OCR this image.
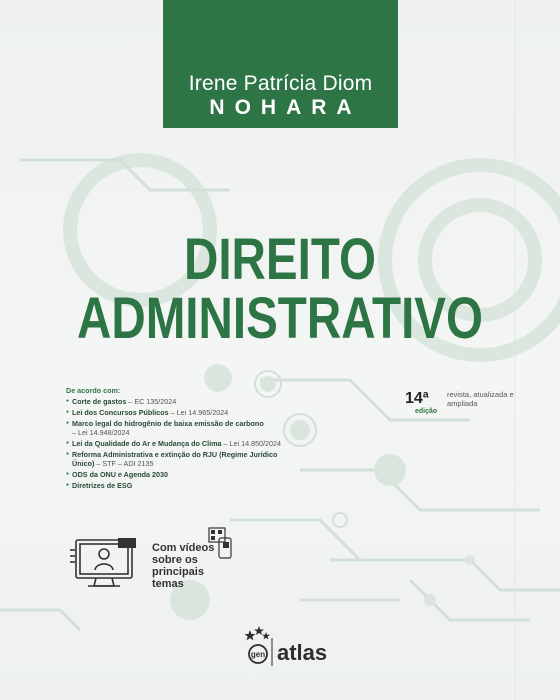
Irene Patrícia Diom
NOHARA
DIREITO
ADMINISTRATIVO
De acordo com:
● Corte de gastos – EC 135/2024
● Lei dos Concursos Públicos – Lei 14.965/2024
● Marco legal do hidrogênio de baixa emissão de carbono
– Lei 14.948/2024
● Lei da Qualidade do Ar e Mudança do Clima – Lei 14.850/2024
● Reforma Administrativa e extinção do RJU (Regime Jurídico Único) – STF – ADI 2135
● ODS da ONU e Agenda 2030
● Diretrizes de ESG
14ª
edição
revista, atualizada e ampliada
Com vídeos
sobre os
principais
temas
gen atlas
